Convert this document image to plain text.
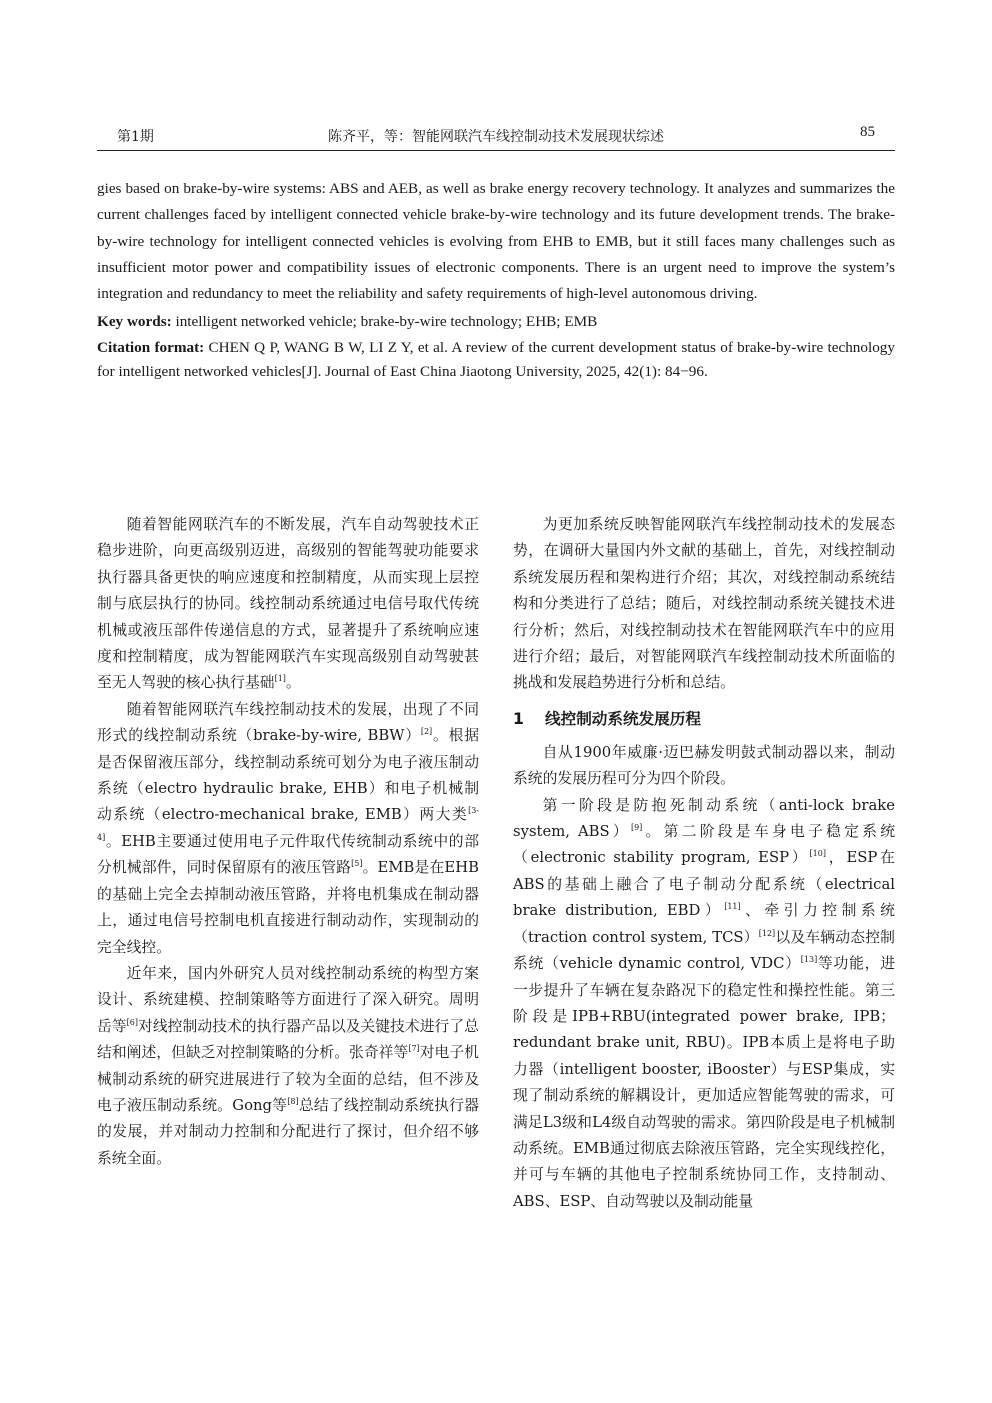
第1期	陈齐平，等：智能网联汽车线控制动技术发展现状综述	85

gies based on brake-by-wire systems: ABS and AEB, as well as brake energy recovery technology. It analyzes and summarizes the current challenges faced by intelligent connected vehicle brake-by-wire technology and its future development trends. The brake-by-wire technology for intelligent connected vehicles is evolving from EHB to EMB, but it still faces many challenges such as insufficient motor power and compatibility issues of electronic components. There is an urgent need to improve the system’s integration and redundancy to meet the reliability and safety requirements of high-level autonomous driving.

Key words: intelligent networked vehicle; brake-by-wire technology; EHB; EMB

Citation format: CHEN Q P, WANG B W, LI Z Y, et al. A review of the current development status of brake-by-wire technology for intelligent networked vehicles[J]. Journal of East China Jiaotong University, 2025, 42(1): 84−96.

随着智能网联汽车的不断发展，汽车自动驾驶技术正稳步进阶，向更高级别迈进，高级别的智能驾驶功能要求执行器具备更快的响应速度和控制精度，从而实现上层控制与底层执行的协同。线控制动系统通过电信号取代传统机械或液压部件传递信息的方式，显著提升了系统响应速度和控制精度，成为智能网联汽车实现高级别自动驾驶甚至无人驾驶的核心执行基础[1]。

随着智能网联汽车线控制动技术的发展，出现了不同形式的线控制动系统（brake-by-wire, BBW）[2]。根据是否保留液压部分，线控制动系统可划分为电子液压制动系统（electro hydraulic brake, EHB）和电子机械制动系统（electro-mechanical brake, EMB）两大类[3-4]。EHB主要通过使用电子元件取代传统制动系统中的部分机械部件，同时保留原有的液压管路[5]。EMB是在EHB的基础上完全去掉制动液压管路，并将电机集成在制动器上，通过电信号控制电机直接进行制动动作，实现制动的完全线控。

近年来，国内外研究人员对线控制动系统的构型方案设计、系统建模、控制策略等方面进行了深入研究。周明岳等[6]对线控制动技术的执行器产品以及关键技术进行了总结和阐述，但缺乏对控制策略的分析。张奇祥等[7]对电子机械制动系统的研究进展进行了较为全面的总结，但不涉及电子液压制动系统。Gong等[8]总结了线控制动系统执行器的发展，并对制动力控制和分配进行了探讨，但介绍不够系统全面。

为更加系统反映智能网联汽车线控制动技术的发展态势，在调研大量国内外文献的基础上，首先，对线控制动系统发展历程和架构进行介绍；其次，对线控制动系统结构和分类进行了总结；随后，对线控制动系统关键技术进行分析；然后，对线控制动技术在智能网联汽车中的应用进行介绍；最后，对智能网联汽车线控制动技术所面临的挑战和发展趋势进行分析和总结。

1 线控制动系统发展历程

自从1900年威廉·迈巴赫发明鼓式制动器以来，制动系统的发展历程可分为四个阶段。

第一阶段是防抱死制动系统（anti-lock brake system, ABS）[9]。第二阶段是车身电子稳定系统（electronic stability program, ESP）[10]，ESP在ABS的基础上融合了电子制动分配系统（electrical brake distribution, EBD）[11]、牵引力控制系统（traction control system, TCS）[12]以及车辆动态控制系统（vehicle dynamic control, VDC）[13]等功能，进一步提升了车辆在复杂路况下的稳定性和操控性能。第三阶段是IPB+RBU(integrated power brake, IPB；redundant brake unit, RBU)。IPB本质上是将电子助力器（intelligent booster, iBooster）与ESP集成，实现了制动系统的解耦设计，更加适应智能驾驶的需求，可满足L3级和L4级自动驾驶的需求。第四阶段是电子机械制动系统。EMB通过彻底去除液压管路，完全实现线控化，并可与车辆的其他电子控制系统协同工作，支持制动、ABS、ESP、自动驾驶以及制动能量
